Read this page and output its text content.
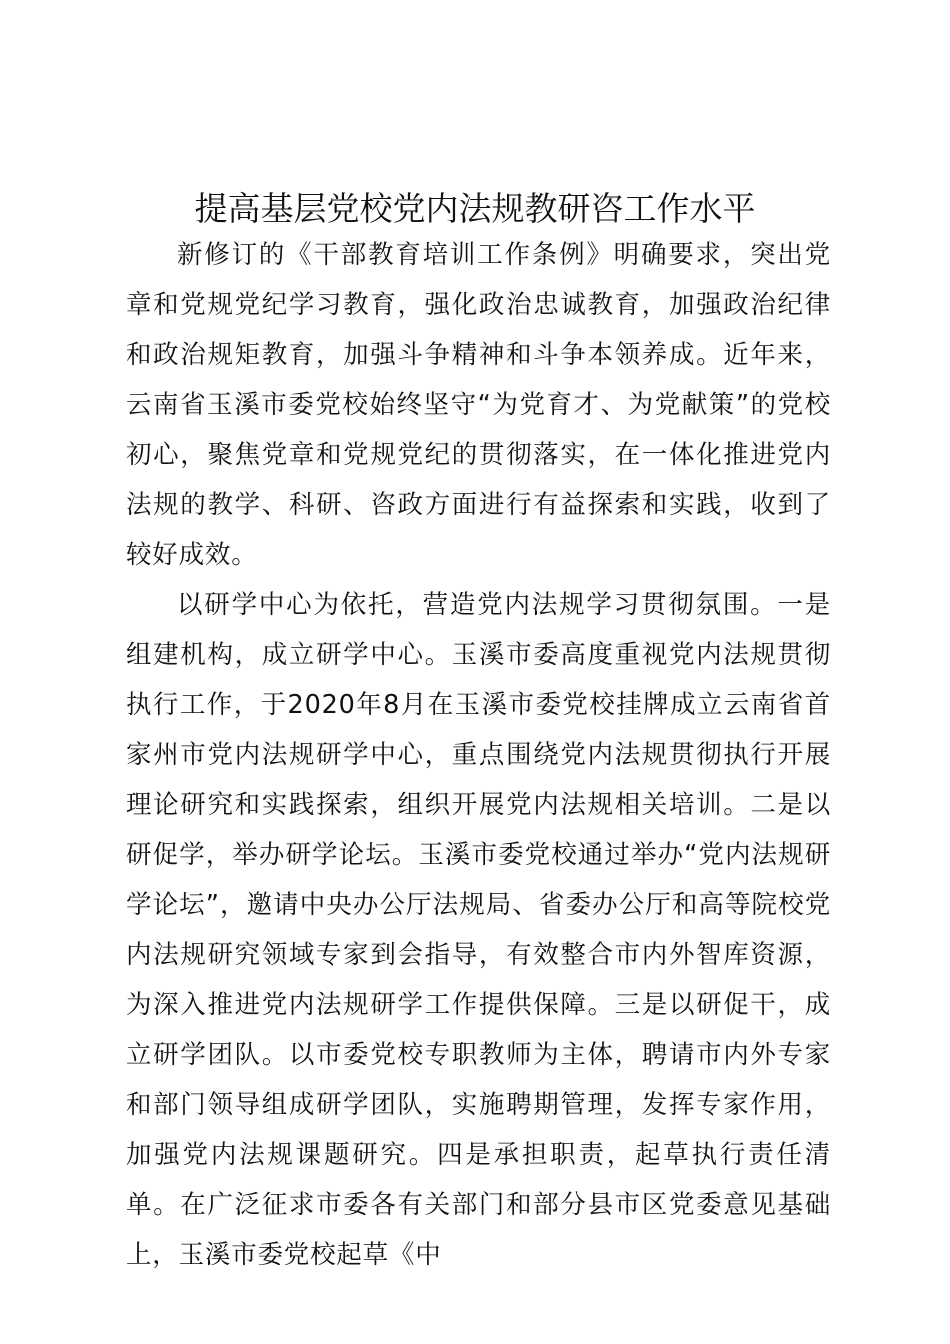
提高基层党校党内法规教研咨工作水平

新修订的《干部教育培训工作条例》明确要求，突出党章和党规党纪学习教育，强化政治忠诚教育，加强政治纪律和政治规矩教育，加强斗争精神和斗争本领养成。近年来，云南省玉溪市委党校始终坚守“为党育才、为党献策”的党校初心，聚焦党章和党规党纪的贯彻落实，在一体化推进党内法规的教学、科研、咨政方面进行有益探索和实践，收到了较好成效。

以研学中心为依托，营造党内法规学习贯彻氛围。一是组建机构，成立研学中心。玉溪市委高度重视党内法规贯彻执行工作，于2020年8月在玉溪市委党校挂牌成立云南省首家州市党内法规研学中心，重点围绕党内法规贯彻执行开展理论研究和实践探索，组织开展党内法规相关培训。二是以研促学，举办研学论坛。玉溪市委党校通过举办“党内法规研学论坛”，邀请中央办公厅法规局、省委办公厅和高等院校党内法规研究领域专家到会指导，有效整合市内外智库资源，为深入推进党内法规研学工作提供保障。三是以研促干，成立研学团队。以市委党校专职教师为主体，聘请市内外专家和部门领导组成研学团队，实施聘期管理，发挥专家作用，加强党内法规课题研究。四是承担职责，起草执行责任清单。在广泛征求市委各有关部门和部分县市区党委意见基础上，玉溪市委党校起草《中
